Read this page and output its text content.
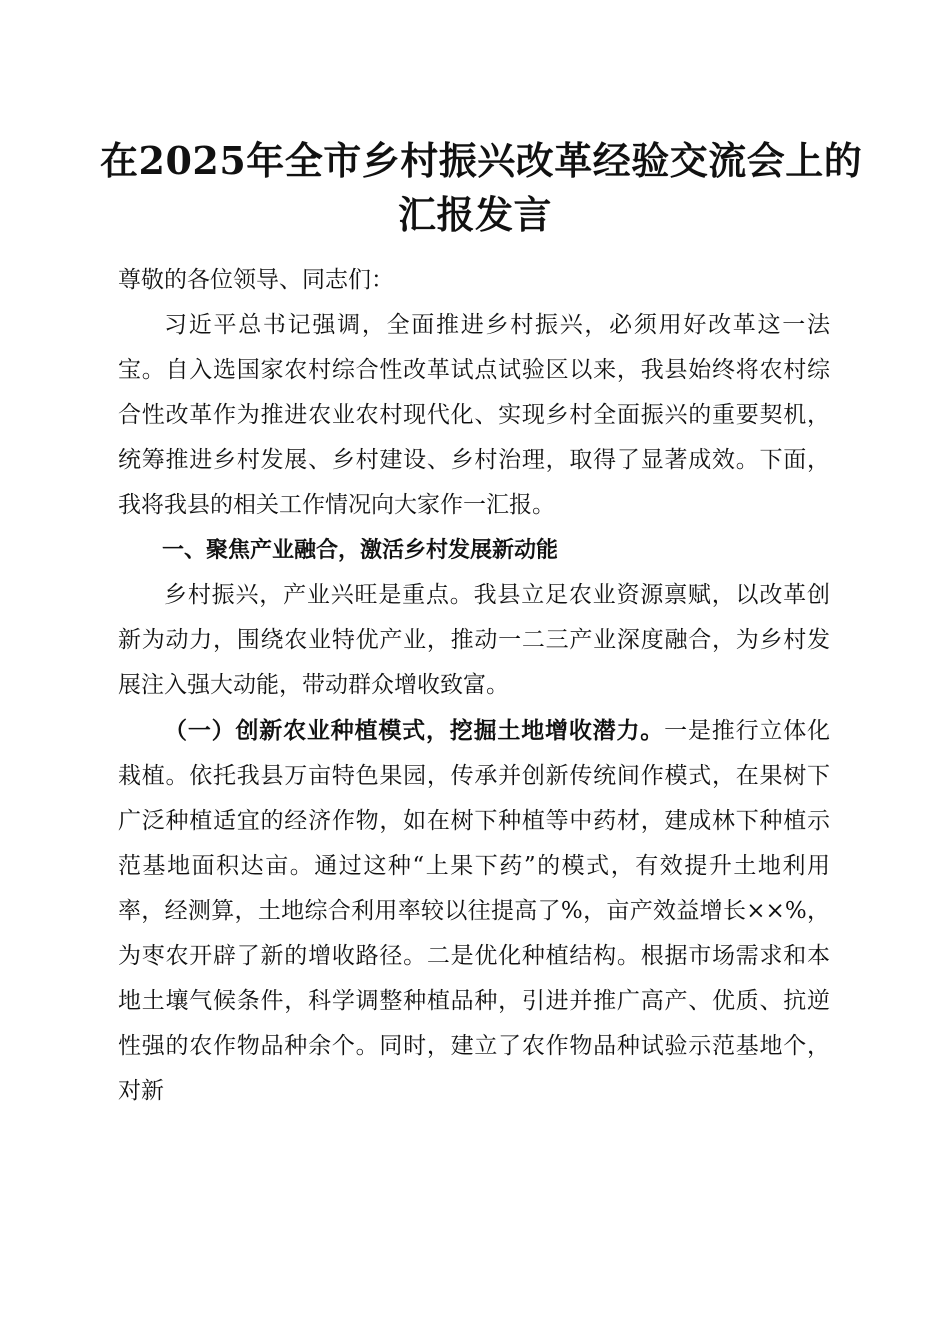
在2025年全市乡村振兴改革经验交流会上的
汇报发言

尊敬的各位领导、同志们：

习近平总书记强调，全面推进乡村振兴，必须用好改革这一法宝。自入选国家农村综合性改革试点试验区以来，我县始终将农村综合性改革作为推进农业农村现代化、实现乡村全面振兴的重要契机，统筹推进乡村发展、乡村建设、乡村治理，取得了显著成效。下面，我将我县的相关工作情况向大家作一汇报。

一、聚焦产业融合，激活乡村发展新动能

乡村振兴，产业兴旺是重点。我县立足农业资源禀赋，以改革创新为动力，围绕农业特优产业，推动一二三产业深度融合，为乡村发展注入强大动能，带动群众增收致富。

（一）创新农业种植模式，挖掘土地增收潜力。一是推行立体化栽植。依托我县万亩特色果园，传承并创新传统间作模式，在果树下广泛种植适宜的经济作物，如在树下种植等中药材，建成林下种植示范基地面积达亩。通过这种“上果下药”的模式，有效提升土地利用率，经测算，土地综合利用率较以往提高了%，亩产效益增长××%，为枣农开辟了新的增收路径。二是优化种植结构。根据市场需求和本地土壤气候条件，科学调整种植品种，引进并推广高产、优质、抗逆性强的农作物品种余个。同时，建立了农作物品种试验示范基地个，对新
